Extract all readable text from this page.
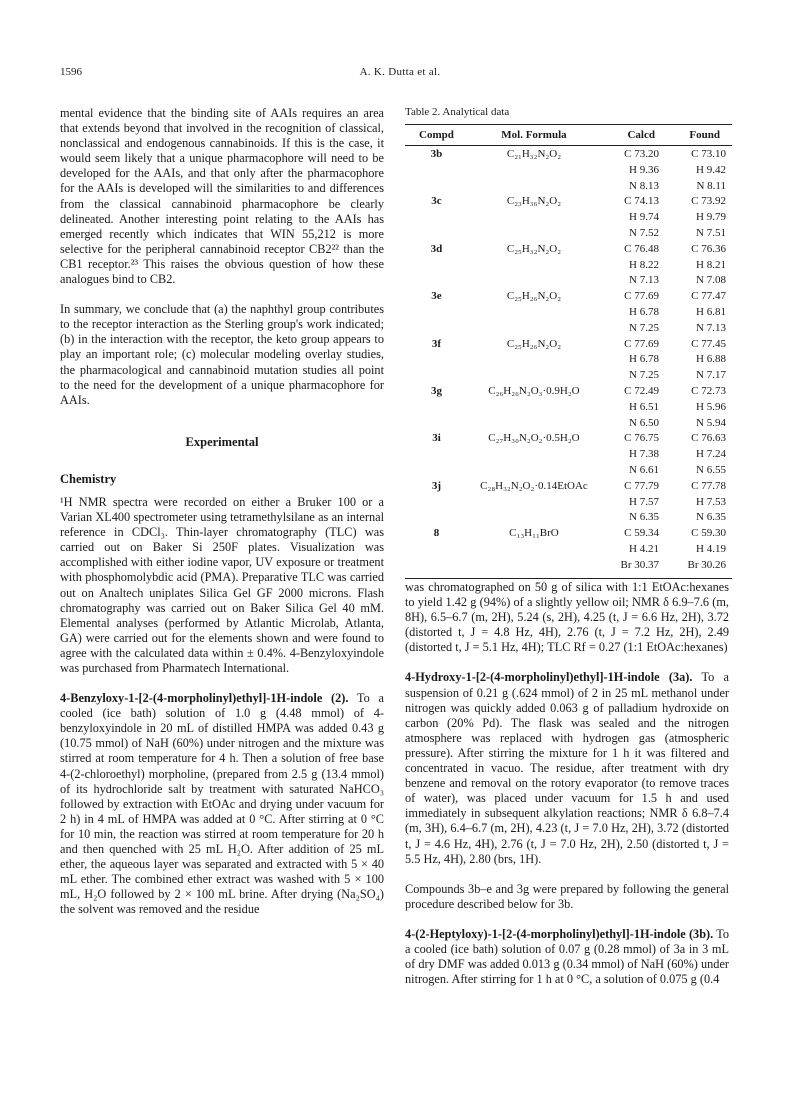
1596	A. K. Dutta et al.

mental evidence that the binding site of AAIs requires an area that extends beyond that involved in the recognition of classical, nonclassical and endogenous cannabinoids. If this is the case, it would seem likely that a unique pharmacophore will need to be developed for the AAIs, and that only after the pharmacophore for the AAIs is developed will the similarities to and differences from the classical cannabinoid pharmacophore be clearly delineated. Another interesting point relating to the AAIs has emerged recently which indicates that WIN 55,212 is more selective for the peripheral cannabinoid receptor CB2²² than the CB1 receptor.²³ This raises the obvious question of how these analogues bind to CB2.

In summary, we conclude that (a) the naphthyl group contributes to the receptor interaction as the Sterling group's work indicated; (b) in the interaction with the receptor, the keto group appears to play an important role; (c) molecular modeling overlay studies, the pharmacological and cannabinoid mutation studies all point to the need for the development of a unique pharmacophore for AAIs.

Experimental
Chemistry

¹H NMR spectra were recorded on either a Bruker 100 or a Varian XL400 spectrometer using tetramethylsilane as an internal reference in CDCl₃. Thin-layer chromatography (TLC) was carried out on Baker Si 250F plates. Visualization was accomplished with either iodine vapor, UV exposure or treatment with phosphomolybdic acid (PMA). Preparative TLC was carried out on Analtech uniplates Silica Gel GF 2000 microns. Flash chromatography was carried out on Baker Silica Gel 40 mM. Elemental analyses (performed by Atlantic Microlab, Atlanta, GA) were carried out for the elements shown and were found to agree with the calculated data within ± 0.4%. 4-Benzyloxyindole was purchased from Pharmatech International.

4-Benzyloxy-1-[2-(4-morpholinyl)ethyl]-1H-indole (2). To a cooled (ice bath) solution of 1.0 g (4.48 mmol) of 4-benzyloxyindole in 20 mL of distilled HMPA was added 0.43 g (10.75 mmol) of NaH (60%) under nitrogen and the mixture was stirred at room temperature for 4 h. Then a solution of free base 4-(2-chloroethyl) morpholine, (prepared from 2.5 g (13.4 mmol) of its hydrochloride salt by treatment with saturated NaHCO₃ followed by extraction with EtOAc and drying under vacuum for 2 h) in 4 mL of HMPA was added at 0 °C. After stirring at 0 °C for 10 min, the reaction was stirred at room temperature for 20 h and then quenched with 25 mL H₂O. After addition of 25 mL ether, the aqueous layer was separated and extracted with 5 × 40 mL ether. The combined ether extract was washed with 5 × 100 mL, H₂O followed by 2 × 100 mL brine. After drying (Na₂SO₄) the solvent was removed and the residue

Table 2. Analytical data
Compd	Mol. Formula	Calcd	Found
3b	C₂₁H₃₂N₂O₂	C 73.20	C 73.10
		H 9.36	H 9.42
		N 8.13	N 8.11
3c	C₂₃H₃₆N₂O₂	C 74.13	C 73.92
		H 9.74	H 9.79
		N 7.52	N 7.51
3d	C₂₅H₃₂N₂O₂	C 76.48	C 76.36
		H 8.22	H 8.21
		N 7.13	N 7.08
3e	C₂₅H₂₆N₂O₂	C 77.69	C 77.47
		H 6.78	H 6.81
		N 7.25	N 7.13
3f	C₂₅H₂₆N₂O₂	C 77.69	C 77.45
		H 6.78	H 6.88
		N 7.25	N 7.17
3g	C₂₆H₂₆N₂O₃·0.9H₂O	C 72.49	C 72.73
		H 6.51	H 5.96
		N 6.50	N 5.94
3i	C₂₇H₃₀N₂O₂·0.5H₂O	C 76.75	C 76.63
		H 7.38	H 7.24
		N 6.61	N 6.55
3j	C₂₈H₃₂N₂O₂·0.14EtOAc	C 77.79	C 77.78
		H 7.57	H 7.53
		N 6.35	N 6.35
8	C₁₃H₁₁BrO	C 59.34	C 59.30
		H 4.21	H 4.19
		Br 30.37	Br 30.26

was chromatographed on 50 g of silica with 1:1 EtOAc:hexanes to yield 1.42 g (94%) of a slightly yellow oil; NMR δ 6.9–7.6 (m, 8H), 6.5–6.7 (m, 2H), 5.24 (s, 2H), 4.25 (t, J = 6.6 Hz, 2H), 3.72 (distorted t, J = 4.8 Hz, 4H), 2.76 (t, J = 7.2 Hz, 2H), 2.49 (distorted t, J = 5.1 Hz, 4H); TLC Rf = 0.27 (1:1 EtOAc:hexanes)

4-Hydroxy-1-[2-(4-morpholinyl)ethyl]-1H-indole (3a). To a suspension of 0.21 g (.624 mmol) of 2 in 25 mL methanol under nitrogen was quickly added 0.063 g of palladium hydroxide on carbon (20% Pd). The flask was sealed and the nitrogen atmosphere was replaced with hydrogen gas (atmospheric pressure). After stirring the mixture for 1 h it was filtered and concentrated in vacuo. The residue, after treatment with dry benzene and removal on the rotory evaporator (to remove traces of water), was placed under vacuum for 1.5 h and used immediately in subsequent alkylation reactions; NMR δ 6.8–7.4 (m, 3H), 6.4–6.7 (m, 2H), 4.23 (t, J = 7.0 Hz, 2H), 3.72 (distorted t, J = 4.6 Hz, 4H), 2.76 (t, J = 7.0 Hz, 2H), 2.50 (distorted t, J = 5.5 Hz, 4H), 2.80 (brs, 1H).

Compounds 3b–e and 3g were prepared by following the general procedure described below for 3b.

4-(2-Heptyloxy)-1-[2-(4-morpholinyl)ethyl]-1H-indole (3b). To a cooled (ice bath) solution of 0.07 g (0.28 mmol) of 3a in 3 mL of dry DMF was added 0.013 g (0.34 mmol) of NaH (60%) under nitrogen. After stirring for 1 h at 0 °C, a solution of 0.075 g (0.4
